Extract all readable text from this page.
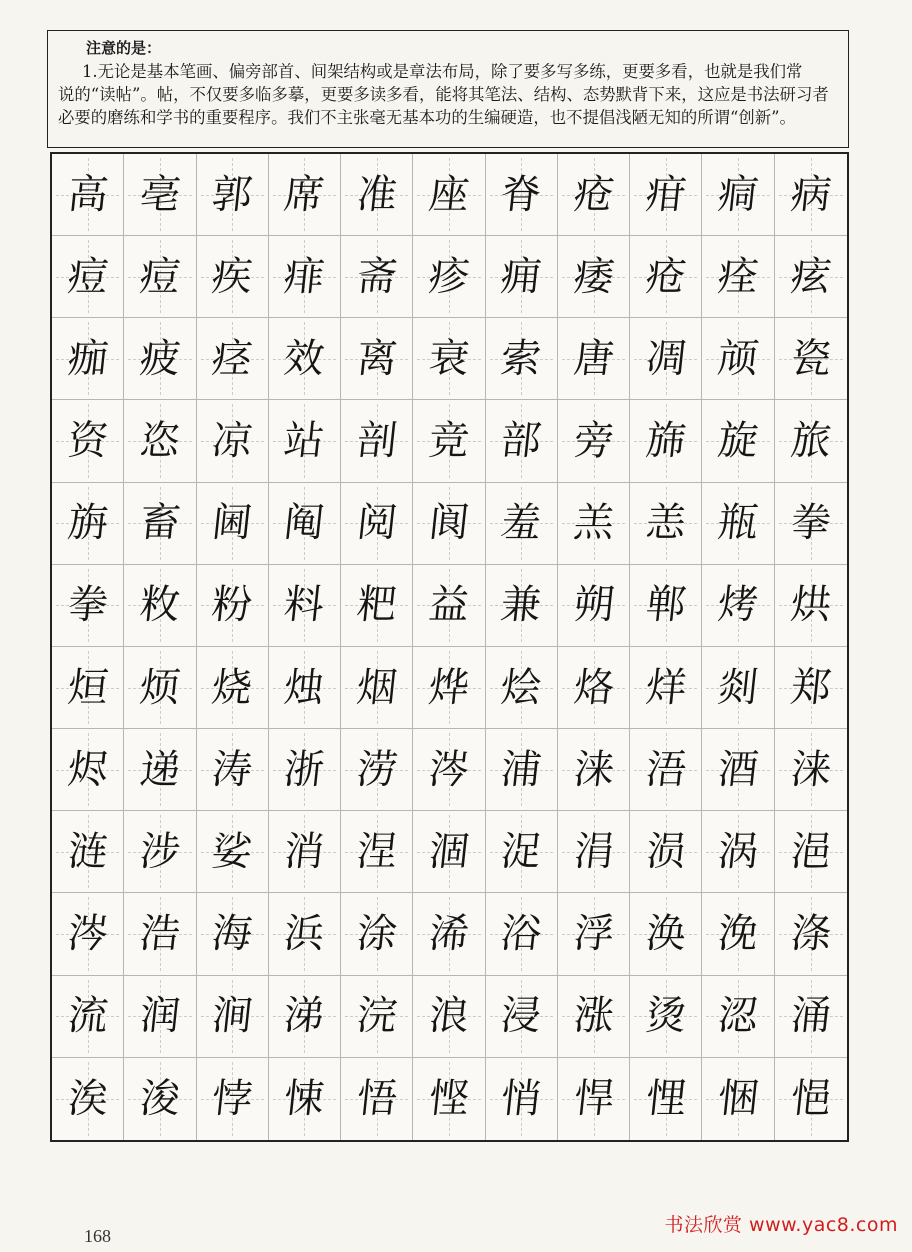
注意的是：
1.无论是基本笔画、偏旁部首、间架结构或是章法布局，除了要多写多练，更要多看，也就是我们常
说的“读帖”。帖，不仅要多临多摹，更要多读多看，能将其笔法、结构、态势默背下来，这应是书法研习者
必要的磨练和学书的重要程序。我们不主张毫无基本功的生编硬造，也不提倡浅陋无知的所谓“创新”。
高 亳 郭 席 准 座 脊 疮 疳 痌 病
痘 痘 疾 痱 斋 疹 痈 痿 疮 痊 痃
痂 疲 痉 效 离 衰 索 唐 凋 颃 瓷
资 恣 凉 站 剖 竞 部 旁 旆 旋 旅
旃 畜 阃 阄 阅 阆 羞 羔 恙 瓶 拳
拳 敉 粉 料 粑 益 兼 朔 郸 烤 烘
烜 烦 烧 烛 烟 烨 烩 烙 烊 剡 郑
烬 递 涛 浙 涝 涔 浦 涞 浯 酒 涞
涟 涉 娑 消 涅 涸 浞 涓 涢 涡 浥
涔 浩 海 浜 涂 浠 浴 浮 涣 浼 涤
流 润 涧 涕 浣 浪 浸 涨 烫 涊 涌
涘 浚 悖 悚 悟 悭 悄 悍 悝 悃 悒
168	书法欣赏 www.yac8.com
